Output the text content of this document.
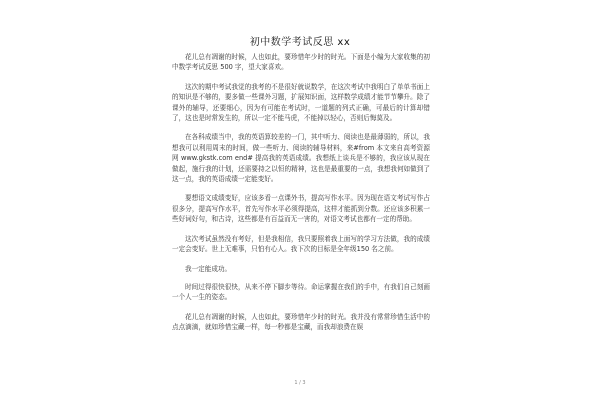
初中数学考试反思 xx

花儿总有凋谢的时候，人也如此，要珍惜年少时的时光。下面是小编为大家收集的初中数学考试反思 500 字，望大家喜欢。

这次的期中考试我觉的我考的不是很好就说数学，在这次考试中我明白了单单书面上的知识是不够的，要多做一些课外习题，扩展知识面，这样数学成绩才能节节攀升。除了课外的辅导，还要细心，因为有可能在考试时，一道题的列式正确，可最后的计算却错了，这也是时常发生的，所以一定不能马虎，不能掉以轻心，否则后悔莫及。

在各科成绩当中，我的英语算较差的一门，其中听力、阅读也是最薄弱的，所以，我想我可以利用周末的时间，做一些听力、阅读的辅导材料，来#from 本文来自高考资源网 www.gkstk.com end# 提高我的英语成绩。我想纸上谈兵是不够的，我应该从现在做起，施行我的计划，还需要持之以恒的精神，这也是最重要的一点，我想我何如做到了这一点，我的英语成绩一定能变好。

要想语文成绩变好，应该多看一点课外书，提高写作水平。因为现在语文考试写作占很多分，提高写作水平，首先写作水平必须得提高，这样才能抓到分数。还应该多积累一些好词好句，和古诗，这些都是有百益而无一害的，对语文考试也都有一定的帮助。

这次考试虽然没有考好，但是我相信，我只要照着我上面写的学习方法做，我的成绩一定会变好。世上无难事，只怕有心人。我下次的目标是全年级150 名之前。

我一定能成功。

时间过得很快很快，从来不停下脚步等待。命运掌握在我们的手中，有我们自己刻画一个人一生的姿态。

花儿总有凋谢的时候，人也如此，要珍惜年少时的时光。我并没有常常珍惜生活中的点点滴滴，就如珍惜宝藏一样，每一秒都是宝藏，而我却浪费在娱

1 / 3
